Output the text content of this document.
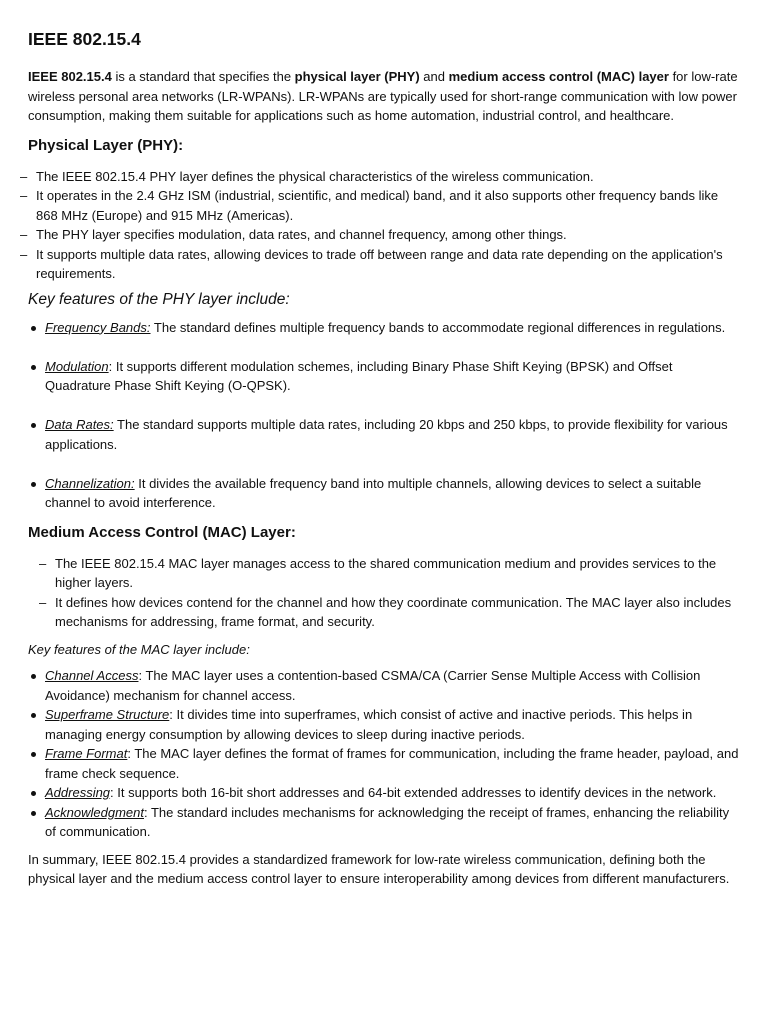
IEEE 802.15.4

IEEE 802.15.4 is a standard that specifies the physical layer (PHY) and medium access control (MAC) layer for low-rate wireless personal area networks (LR-WPANs). LR-WPANs are typically used for short-range communication with low power consumption, making them suitable for applications such as home automation, industrial control, and healthcare.

Physical Layer (PHY):
– The IEEE 802.15.4 PHY layer defines the physical characteristics of the wireless communication.
– It operates in the 2.4 GHz ISM (industrial, scientific, and medical) band, and it also supports other frequency bands like 868 MHz (Europe) and 915 MHz (Americas).
– The PHY layer specifies modulation, data rates, and channel frequency, among other things.
– It supports multiple data rates, allowing devices to trade off between range and data rate depending on the application's requirements.

Key features of the PHY layer include:

Frequency Bands: The standard defines multiple frequency bands to accommodate regional differences in regulations.
Modulation: It supports different modulation schemes, including Binary Phase Shift Keying (BPSK) and Offset Quadrature Phase Shift Keying (O-QPSK).
Data Rates: The standard supports multiple data rates, including 20 kbps and 250 kbps, to provide flexibility for various applications.
Channelization: It divides the available frequency band into multiple channels, allowing devices to select a suitable channel to avoid interference.
Medium Access Control (MAC) Layer:
– The IEEE 802.15.4 MAC layer manages access to the shared communication medium and provides services to the higher layers.
– It defines how devices contend for the channel and how they coordinate communication. The MAC layer also includes mechanisms for addressing, frame format, and security.

Key features of the MAC layer include:

Channel Access: The MAC layer uses a contention-based CSMA/CA (Carrier Sense Multiple Access with Collision Avoidance) mechanism for channel access.
Superframe Structure: It divides time into superframes, which consist of active and inactive periods. This helps in managing energy consumption by allowing devices to sleep during inactive periods.
Frame Format: The MAC layer defines the format of frames for communication, including the frame header, payload, and frame check sequence.
Addressing: It supports both 16-bit short addresses and 64-bit extended addresses to identify devices in the network.
Acknowledgment: The standard includes mechanisms for acknowledging the receipt of frames, enhancing the reliability of communication.

In summary, IEEE 802.15.4 provides a standardized framework for low-rate wireless communication, defining both the physical layer and the medium access control layer to ensure interoperability among devices from different manufacturers.
